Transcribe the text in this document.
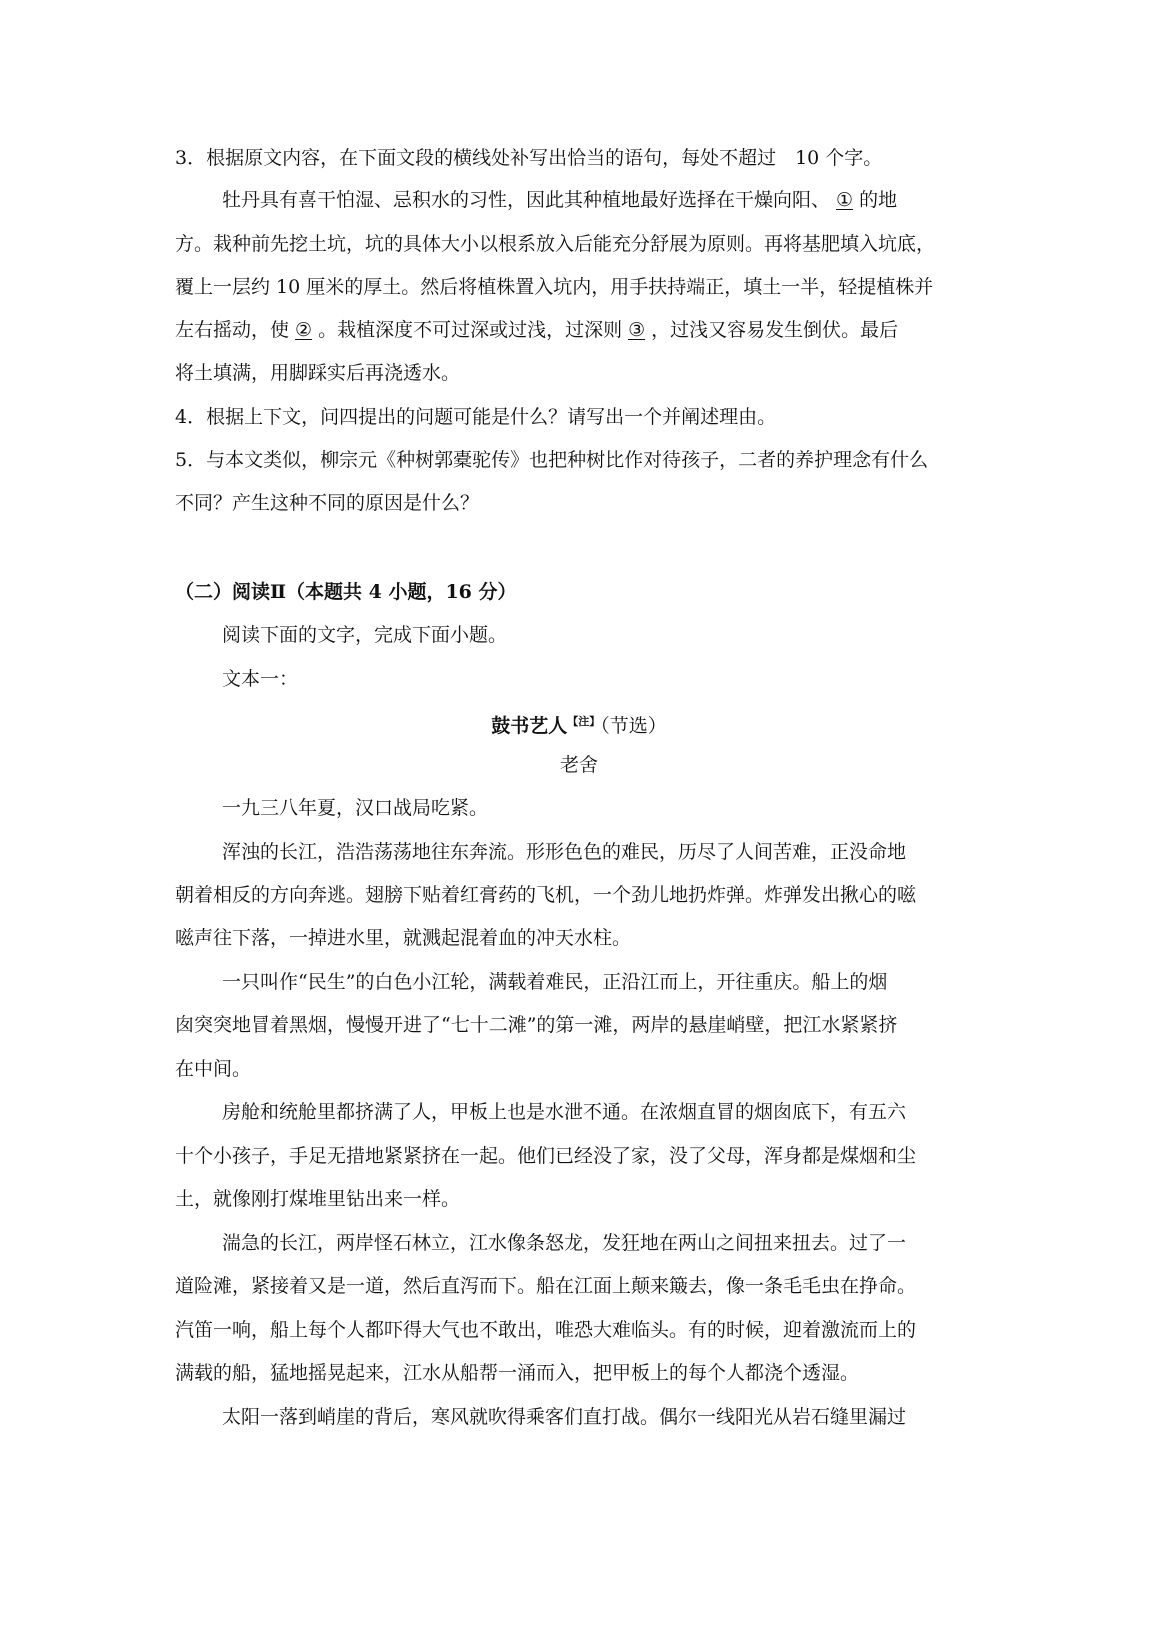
3．根据原文内容，在下面文段的横线处补写出恰当的语句，每处不超过　10 个字。
牡丹具有喜干怕湿、忌积水的习性，因此其种植地最好选择在干燥向阳、 ① 的地
方。栽种前先挖土坑，坑的具体大小以根系放入后能充分舒展为原则。再将基肥填入坑底，
覆上一层约 10 厘米的厚土。然后将植株置入坑内，用手扶持端正，填土一半，轻提植株并
左右摇动，使 ② 。栽植深度不可过深或过浅，过深则 ③ ，过浅又容易发生倒伏。最后
将土填满，用脚踩实后再浇透水。
4．根据上下文，问四提出的问题可能是什么？请写出一个并阐述理由。
5．与本文类似，柳宗元《种树郭橐驼传》也把种树比作对待孩子，二者的养护理念有什么
不同？产生这种不同的原因是什么？
（二）阅读Ⅱ（本题共 4 小题，16 分）
阅读下面的文字，完成下面小题。
文本一：
鼓书艺人$^{【注】}$（节选）
老舍
一九三八年夏，汉口战局吃紧。
浑浊的长江，浩浩荡荡地往东奔流。形形色色的难民，历尽了人间苦难，正没命地
朝着相反的方向奔逃。翅膀下贴着红膏药的飞机，一个劲儿地扔炸弹。炸弹发出揪心的嗞
嗞声往下落，一掉进水里，就溅起混着血的冲天水柱。
一只叫作“民生”的白色小江轮，满载着难民，正沿江而上，开往重庆。船上的烟
囱突突地冒着黑烟，慢慢开进了“七十二滩”的第一滩，两岸的悬崖峭壁，把江水紧紧挤
在中间。
房舱和统舱里都挤满了人，甲板上也是水泄不通。在浓烟直冒的烟囱底下，有五六
十个小孩子，手足无措地紧紧挤在一起。他们已经没了家，没了父母，浑身都是煤烟和尘
土，就像刚打煤堆里钻出来一样。
湍急的长江，两岸怪石林立，江水像条怒龙，发狂地在两山之间扭来扭去。过了一
道险滩，紧接着又是一道，然后直泻而下。船在江面上颠来簸去，像一条毛毛虫在挣命。
汽笛一响，船上每个人都吓得大气也不敢出，唯恐大难临头。有的时候，迎着激流而上的
满载的船，猛地摇晃起来，江水从船帮一涌而入，把甲板上的每个人都浇个透湿。
太阳一落到峭崖的背后，寒风就吹得乘客们直打战。偶尔一线阳光从岩石缝里漏过
